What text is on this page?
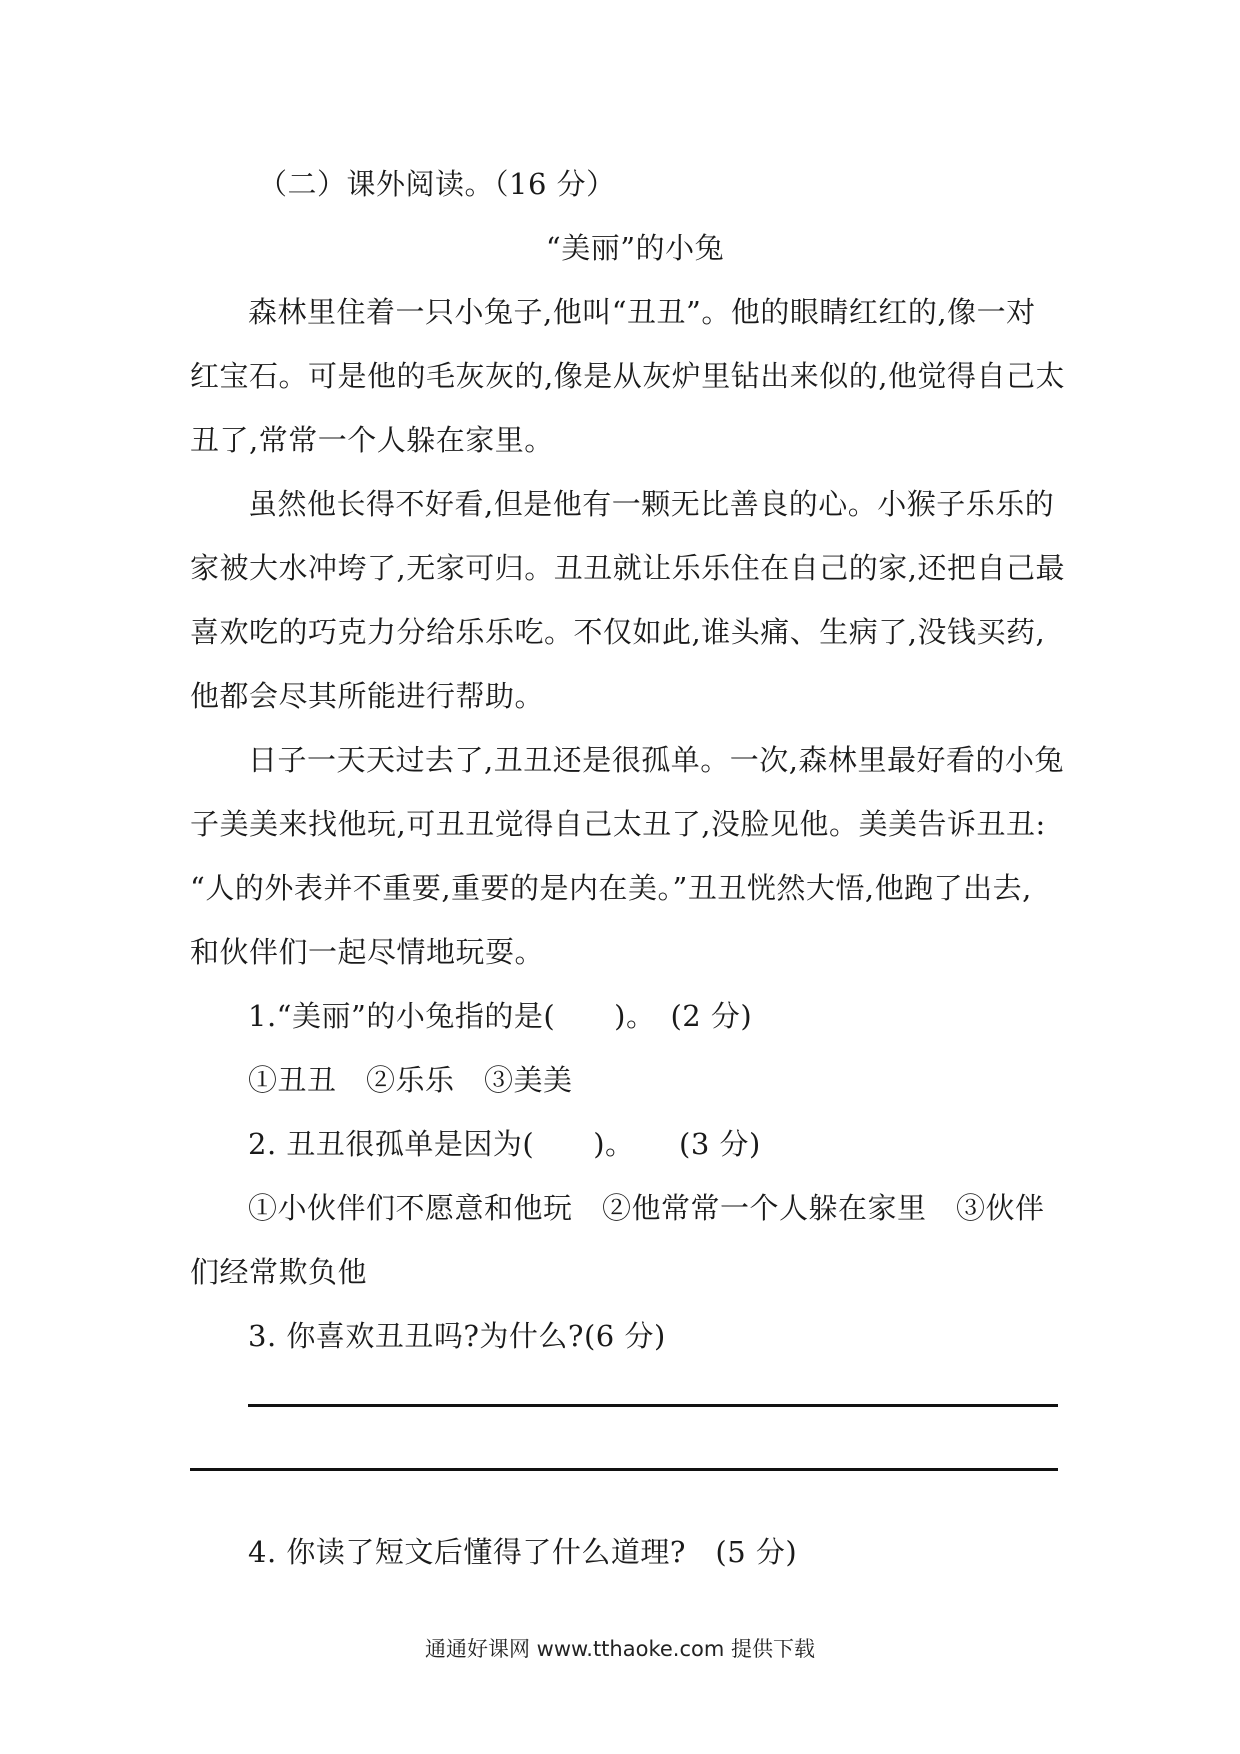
（二）课外阅读。（16 分）
“美丽”的小兔
森林里住着一只小兔子,他叫“丑丑”。他的眼睛红红的,像一对
红宝石。可是他的毛灰灰的,像是从灰炉里钻出来似的,他觉得自己太
丑了,常常一个人躲在家里。
虽然他长得不好看,但是他有一颗无比善良的心。小猴子乐乐的
家被大水冲垮了,无家可归。丑丑就让乐乐住在自己的家,还把自己最
喜欢吃的巧克力分给乐乐吃。不仅如此,谁头痛、生病了,没钱买药,
他都会尽其所能进行帮助。
日子一天天过去了,丑丑还是很孤单。一次,森林里最好看的小兔
子美美来找他玩,可丑丑觉得自己太丑了,没脸见他。美美告诉丑丑:
“人的外表并不重要,重要的是内在美。”丑丑恍然大悟,他跑了出去,
和伙伴们一起尽情地玩耍。
1.“美丽”的小兔指的是(　　)。　(2 分)
①丑丑　②乐乐　③美美
2. 丑丑很孤单是因为(　　)。　　(3 分)
①小伙伴们不愿意和他玩　②他常常一个人躲在家里　③伙伴
们经常欺负他
3. 你喜欢丑丑吗?为什么?(6 分)
4. 你读了短文后懂得了什么道理?　(5 分)
通通好课网 www.tthaoke.com 提供下载
